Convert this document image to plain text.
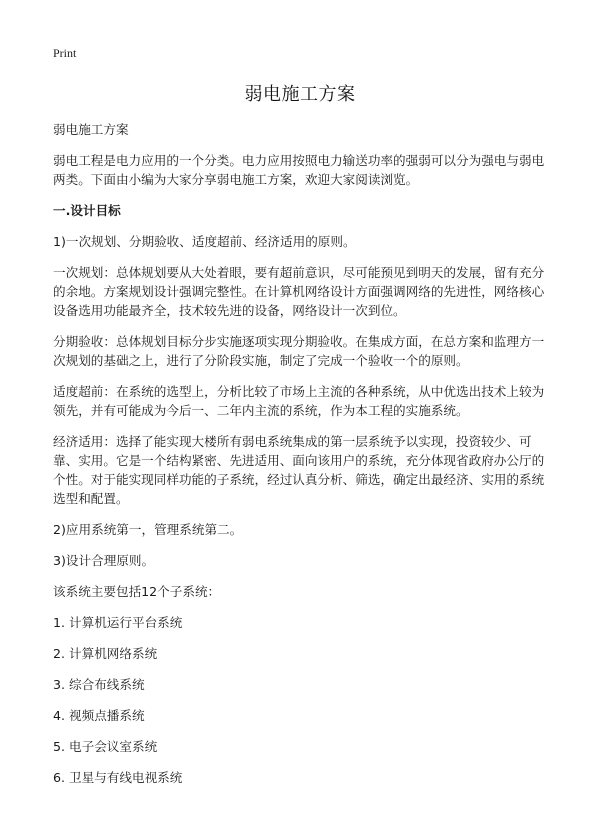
Print
弱电施工方案

弱电施工方案

弱电工程是电力应用的一个分类。电力应用按照电力输送功率的强弱可以分为强电与弱电两类。下面由小编为大家分享弱电施工方案，欢迎大家阅读浏览。

一.设计目标

1)一次规划、分期验收、适度超前、经济适用的原则。

一次规划：总体规划要从大处着眼，要有超前意识，尽可能预见到明天的发展，留有充分的余地。方案规划设计强调完整性。在计算机网络设计方面强调网络的先进性，网络核心设备选用功能最齐全，技术较先进的设备，网络设计一次到位。

分期验收：总体规划目标分步实施逐项实现分期验收。在集成方面，在总方案和监理方一次规划的基础之上，进行了分阶段实施，制定了完成一个验收一个的原则。

适度超前：在系统的选型上，分析比较了市场上主流的各种系统，从中优选出技术上较为领先，并有可能成为今后一、二年内主流的系统，作为本工程的实施系统。

经济适用：选择了能实现大楼所有弱电系统集成的第一层系统予以实现，投资较少、可靠、实用。它是一个结构紧密、先进适用、面向该用户的系统，充分体现省政府办公厅的个性。对于能实现同样功能的子系统，经过认真分析、筛选，确定出最经济、实用的系统选型和配置。

2)应用系统第一，管理系统第二。

3)设计合理原则。

该系统主要包括12个子系统：

1. 计算机运行平台系统

2. 计算机网络系统

3. 综合布线系统

4. 视频点播系统

5. 电子会议室系统

6. 卫星与有线电视系统
